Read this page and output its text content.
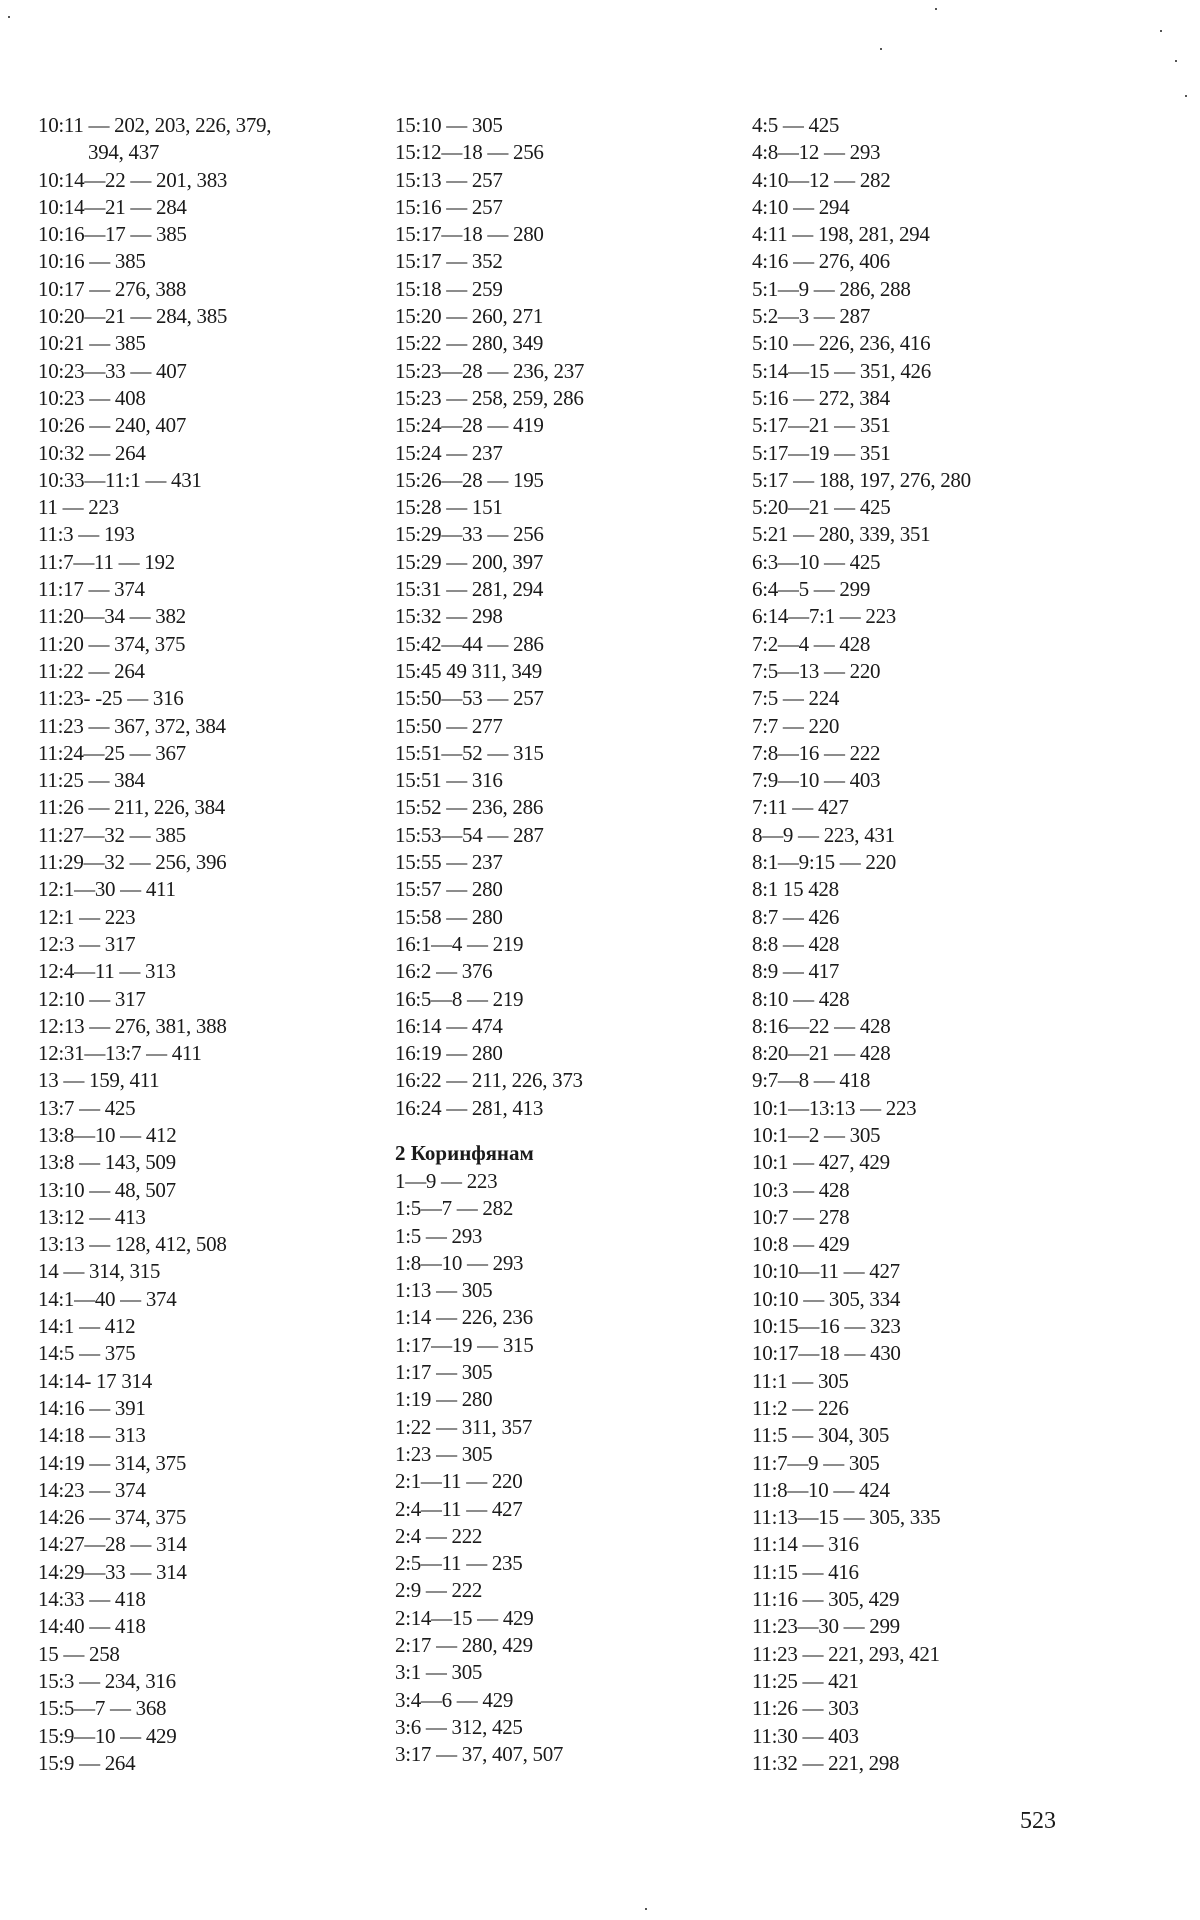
10:11 — 202, 203, 226, 379,
394, 437
10:14—22 — 201, 383
10:14—21 — 284
10:16—17 — 385
10:16 — 385
10:17 — 276, 388
10:20—21 — 284, 385
10:21 — 385
10:23—33 — 407
10:23 — 408
10:26 — 240, 407
10:32 — 264
10:33—11:1 — 431
11 — 223
11:3 — 193
11:7—11 — 192
11:17 — 374
11:20—34 — 382
11:20 — 374, 375
11:22 — 264
11:23- -25 — 316
11:23 — 367, 372, 384
11:24—25 — 367
11:25 — 384
11:26 — 211, 226, 384
11:27—32 — 385
11:29—32 — 256, 396
12:1—30 — 411
12:1 — 223
12:3 — 317
12:4—11 — 313
12:10 — 317
12:13 — 276, 381, 388
12:31—13:7 — 411
13 — 159, 411
13:7 — 425
13:8—10 — 412
13:8 — 143, 509
13:10 — 48, 507
13:12 — 413
13:13 — 128, 412, 508
14 — 314, 315
14:1—40 — 374
14:1 — 412
14:5 — 375
14:14- 17 314
14:16 — 391
14:18 — 313
14:19 — 314, 375
14:23 — 374
14:26 — 374, 375
14:27—28 — 314
14:29—33 — 314
14:33 — 418
14:40 — 418
15 — 258
15:3 — 234, 316
15:5—7 — 368
15:9—10 — 429
15:9 — 264
15:10 — 305
15:12—18 — 256
15:13 — 257
15:16 — 257
15:17—18 — 280
15:17 — 352
15:18 — 259
15:20 — 260, 271
15:22 — 280, 349
15:23—28 — 236, 237
15:23 — 258, 259, 286
15:24—28 — 419
15:24 — 237
15:26—28 — 195
15:28 — 151
15:29—33 — 256
15:29 — 200, 397
15:31 — 281, 294
15:32 — 298
15:42—44 — 286
15:45 49 311, 349
15:50—53 — 257
15:50 — 277
15:51—52 — 315
15:51 — 316
15:52 — 236, 286
15:53—54 — 287
15:55 — 237
15:57 — 280
15:58 — 280
16:1—4 — 219
16:2 — 376
16:5—8 — 219
16:14 — 474
16:19 — 280
16:22 — 211, 226, 373
16:24 — 281, 413
2 Коринфянам
1—9 — 223
1:5—7 — 282
1:5 — 293
1:8—10 — 293
1:13 — 305
1:14 — 226, 236
1:17—19 — 315
1:17 — 305
1:19 — 280
1:22 — 311, 357
1:23 — 305
2:1—11 — 220
2:4—11 — 427
2:4 — 222
2:5—11 — 235
2:9 — 222
2:14—15 — 429
2:17 — 280, 429
3:1 — 305
3:4—6 — 429
3:6 — 312, 425
3:17 — 37, 407, 507
4:5 — 425
4:8—12 — 293
4:10—12 — 282
4:10 — 294
4:11 — 198, 281, 294
4:16 — 276, 406
5:1—9 — 286, 288
5:2—3 — 287
5:10 — 226, 236, 416
5:14—15 — 351, 426
5:16 — 272, 384
5:17—21 — 351
5:17—19 — 351
5:17 — 188, 197, 276, 280
5:20—21 — 425
5:21 — 280, 339, 351
6:3—10 — 425
6:4—5 — 299
6:14—7:1 — 223
7:2—4 — 428
7:5—13 — 220
7:5 — 224
7:7 — 220
7:8—16 — 222
7:9—10 — 403
7:11 — 427
8—9 — 223, 431
8:1—9:15 — 220
8:1 15 428
8:7 — 426
8:8 — 428
8:9 — 417
8:10 — 428
8:16—22 — 428
8:20—21 — 428
9:7—8 — 418
10:1—13:13 — 223
10:1—2 — 305
10:1 — 427, 429
10:3 — 428
10:7 — 278
10:8 — 429
10:10—11 — 427
10:10 — 305, 334
10:15—16 — 323
10:17—18 — 430
11:1 — 305
11:2 — 226
11:5 — 304, 305
11:7—9 — 305
11:8—10 — 424
11:13—15 — 305, 335
11:14 — 316
11:15 — 416
11:16 — 305, 429
11:23—30 — 299
11:23 — 221, 293, 421
11:25 — 421
11:26 — 303
11:30 — 403
11:32 — 221, 298
523
